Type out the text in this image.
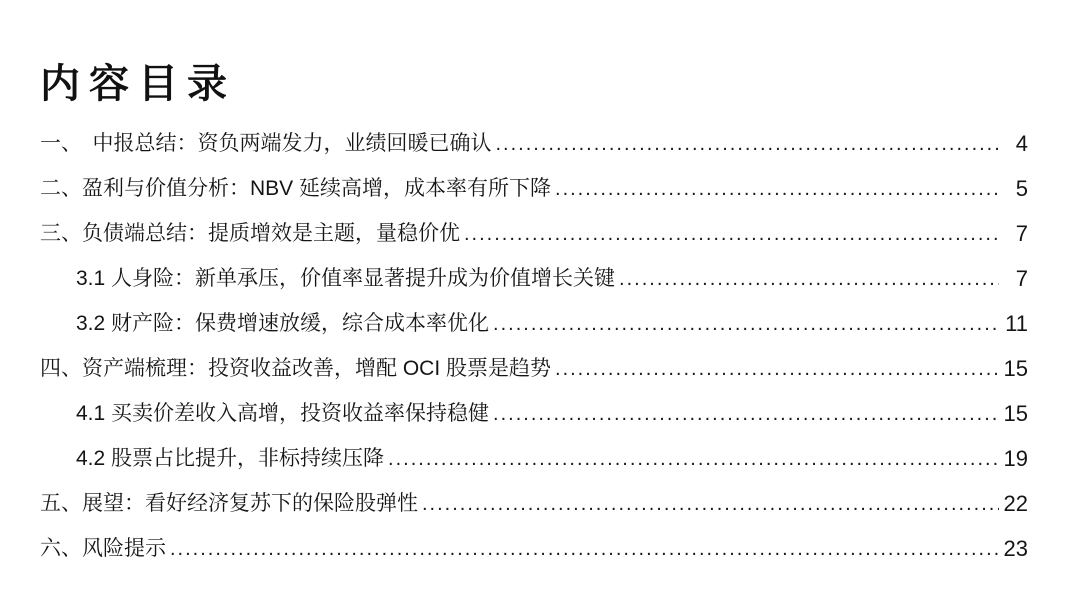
内容目录
一、　中报总结：资负两端发力，业绩回暖已确认 .....	4
二、盈利与价值分析：NBV 延续高增，成本率有所下降 .....	5
三、负债端总结：提质增效是主题，量稳价优 .....	7
3.1 人身险：新单承压，价值率显著提升成为价值增长关键 .....	7
3.2 财产险：保费增速放缓，综合成本率优化 .....	11
四、资产端梳理：投资收益改善，增配 OCI 股票是趋势 .....	15
4.1 买卖价差收入高增，投资收益率保持稳健 .....	15
4.2 股票占比提升，非标持续压降 .....	19
五、展望：看好经济复苏下的保险股弹性 .....	22
六、风险提示 .....	23
